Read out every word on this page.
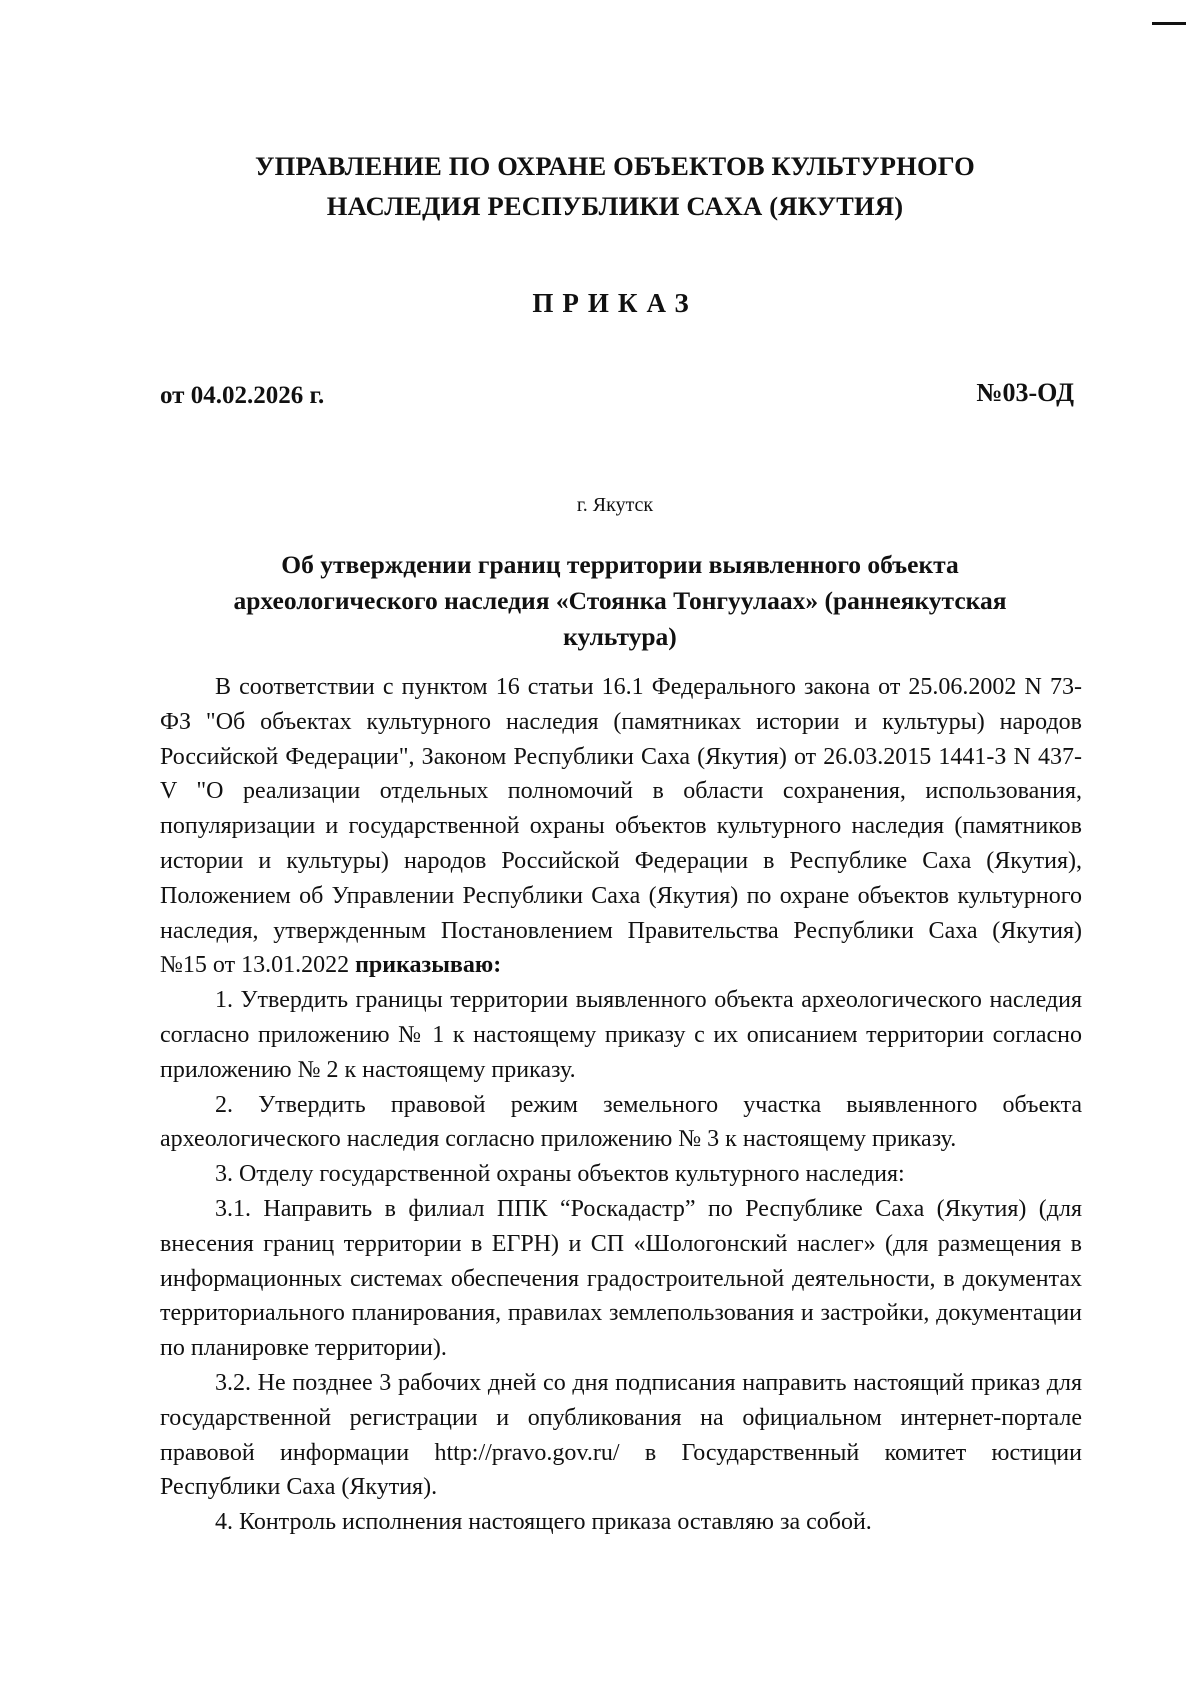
УПРАВЛЕНИЕ ПО ОХРАНЕ ОБЪЕКТОВ КУЛЬТУРНОГО
НАСЛЕДИЯ РЕСПУБЛИКИ САХА (ЯКУТИЯ)
ПРИКАЗ
от 04.02.2026 г.	№03-ОД
г. Якутск
Об утверждении границ территории выявленного объекта
археологического наследия «Стоянка Тонгуулаах» (раннеякутская
культура)

В соответствии с пунктом 16 статьи 16.1 Федерального закона от 25.06.2002 N 73-ФЗ "Об объектах культурного наследия (памятниках истории и культуры) народов Российской Федерации", Законом Республики Саха (Якутия) от 26.03.2015 1441-З N 437-V "О реализации отдельных полномочий в области сохранения, использования, популяризации и государственной охраны объектов культурного наследия (памятников истории и культуры) народов Российской Федерации в Республике Саха (Якутия), Положением об Управлении Республики Саха (Якутия) по охране объектов культурного наследия, утвержденным Постановлением Правительства Республики Саха (Якутия) №15 от 13.01.2022 приказываю:

1. Утвердить границы территории выявленного объекта археологического наследия согласно приложению № 1 к настоящему приказу с их описанием территории согласно приложению № 2 к настоящему приказу.

2. Утвердить правовой режим земельного участка выявленного объекта археологического наследия согласно приложению № 3 к настоящему приказу.

3. Отделу государственной охраны объектов культурного наследия:

3.1. Направить в филиал ППК “Роскадастр” по Республике Саха (Якутия) (для внесения границ территории в ЕГРН) и СП «Шологонский наслег» (для размещения в информационных системах обеспечения градостроительной деятельности, в документах территориального планирования, правилах землепользования и застройки, документации по планировке территории).

3.2. Не позднее 3 рабочих дней со дня подписания направить настоящий приказ для государственной регистрации и опубликования на официальном интернет-портале правовой информации http://pravo.gov.ru/ в Государственный комитет юстиции Республики Саха (Якутия).

4. Контроль исполнения настоящего приказа оставляю за собой.
